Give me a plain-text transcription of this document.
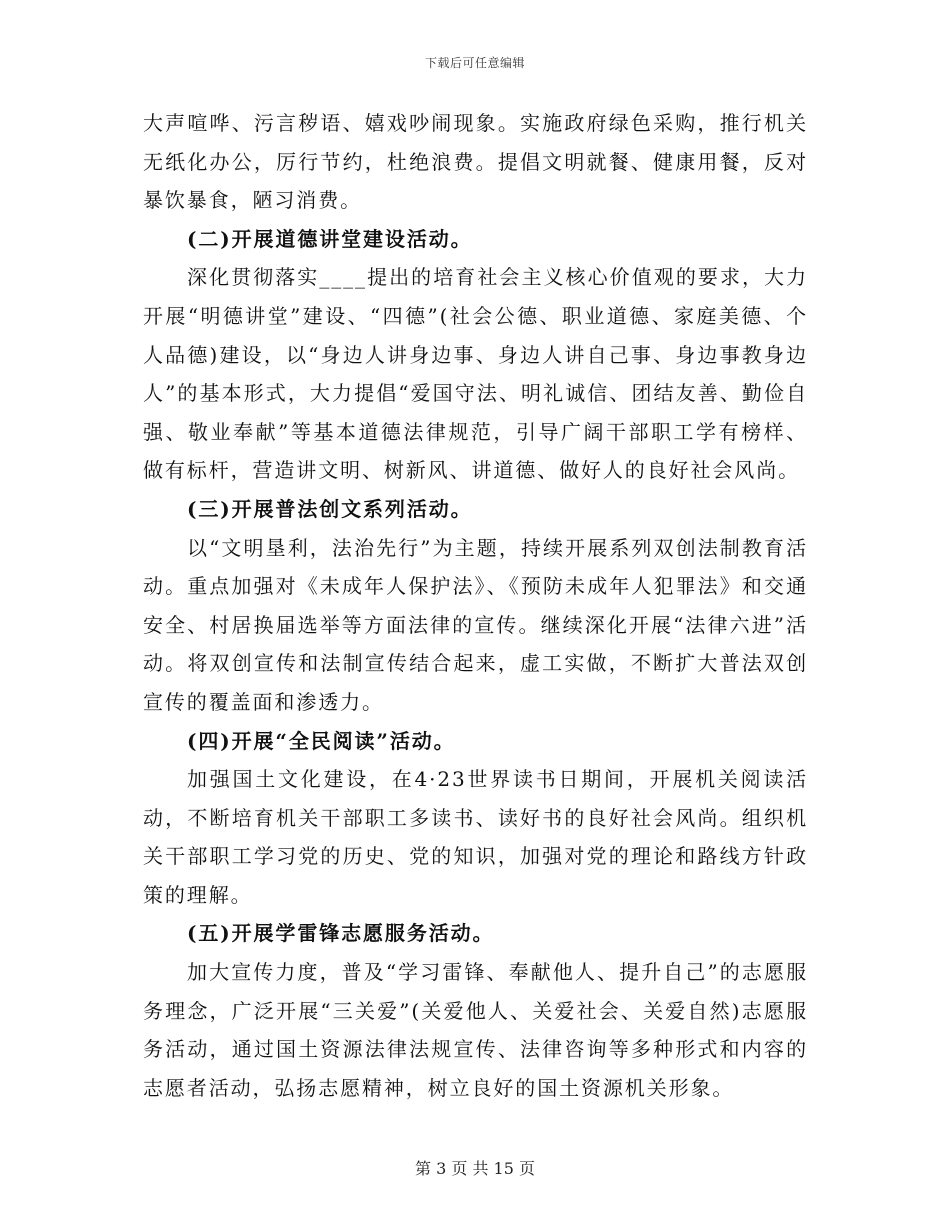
下载后可任意编辑

大声喧哗、污言秽语、嬉戏吵闹现象。实施政府绿色采购，推行机关无纸化办公，厉行节约，杜绝浪费。提倡文明就餐、健康用餐，反对暴饮暴食，陋习消费。

(二)开展道德讲堂建设活动。

深化贯彻落实____提出的培育社会主义核心价值观的要求，大力开展“明德讲堂”建设、“四德”(社会公德、职业道德、家庭美德、个人品德)建设，以“身边人讲身边事、身边人讲自己事、身边事教身边人”的基本形式，大力提倡“爱国守法、明礼诚信、团结友善、勤俭自强、敬业奉献”等基本道德法律规范，引导广阔干部职工学有榜样、做有标杆，营造讲文明、树新风、讲道德、做好人的良好社会风尚。

(三)开展普法创文系列活动。

以“文明垦利，法治先行”为主题，持续开展系列双创法制教育活动。重点加强对《未成年人保护法》、《预防未成年人犯罪法》和交通安全、村居换届选举等方面法律的宣传。继续深化开展“法律六进”活动。将双创宣传和法制宣传结合起来，虚工实做，不断扩大普法双创宣传的覆盖面和渗透力。

(四)开展“全民阅读”活动。

加强国土文化建设，在4·23世界读书日期间，开展机关阅读活动，不断培育机关干部职工多读书、读好书的良好社会风尚。组织机关干部职工学习党的历史、党的知识，加强对党的理论和路线方针政策的理解。

(五)开展学雷锋志愿服务活动。

加大宣传力度，普及“学习雷锋、奉献他人、提升自己”的志愿服务理念，广泛开展“三关爱”(关爱他人、关爱社会、关爱自然)志愿服务活动，通过国土资源法律法规宣传、法律咨询等多种形式和内容的志愿者活动，弘扬志愿精神，树立良好的国土资源机关形象。

第 3 页 共 15 页
